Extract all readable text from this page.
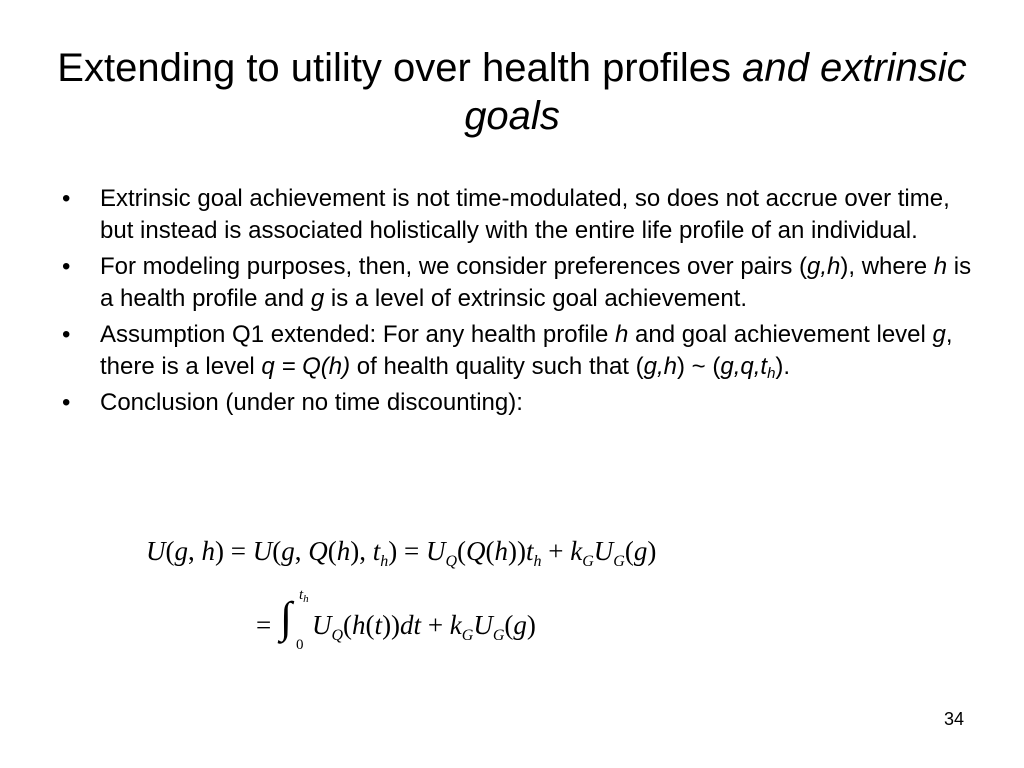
Extending to utility over health profiles and extrinsic goals
• Extrinsic goal achievement is not time-modulated, so does not accrue over time, but instead is associated holistically with the entire life profile of an individual.
• For modeling purposes, then, we consider preferences over pairs (g,h), where h is a health profile and g is a level of extrinsic goal achievement.
• Assumption Q1 extended: For any health profile h and goal achievement level g, there is a level q = Q(h) of health quality such that (g,h) ~ $(g,q,t_h)$.
• Conclusion (under no time discounting):
U(g, h) = U(g, Q(h), $t_h) = U_Q(Q(h))t_h + k_GU_G(g)$
= ∫ $t_h$
0
$U_Q(h(t))dt + k_GU_G(g)$
34
